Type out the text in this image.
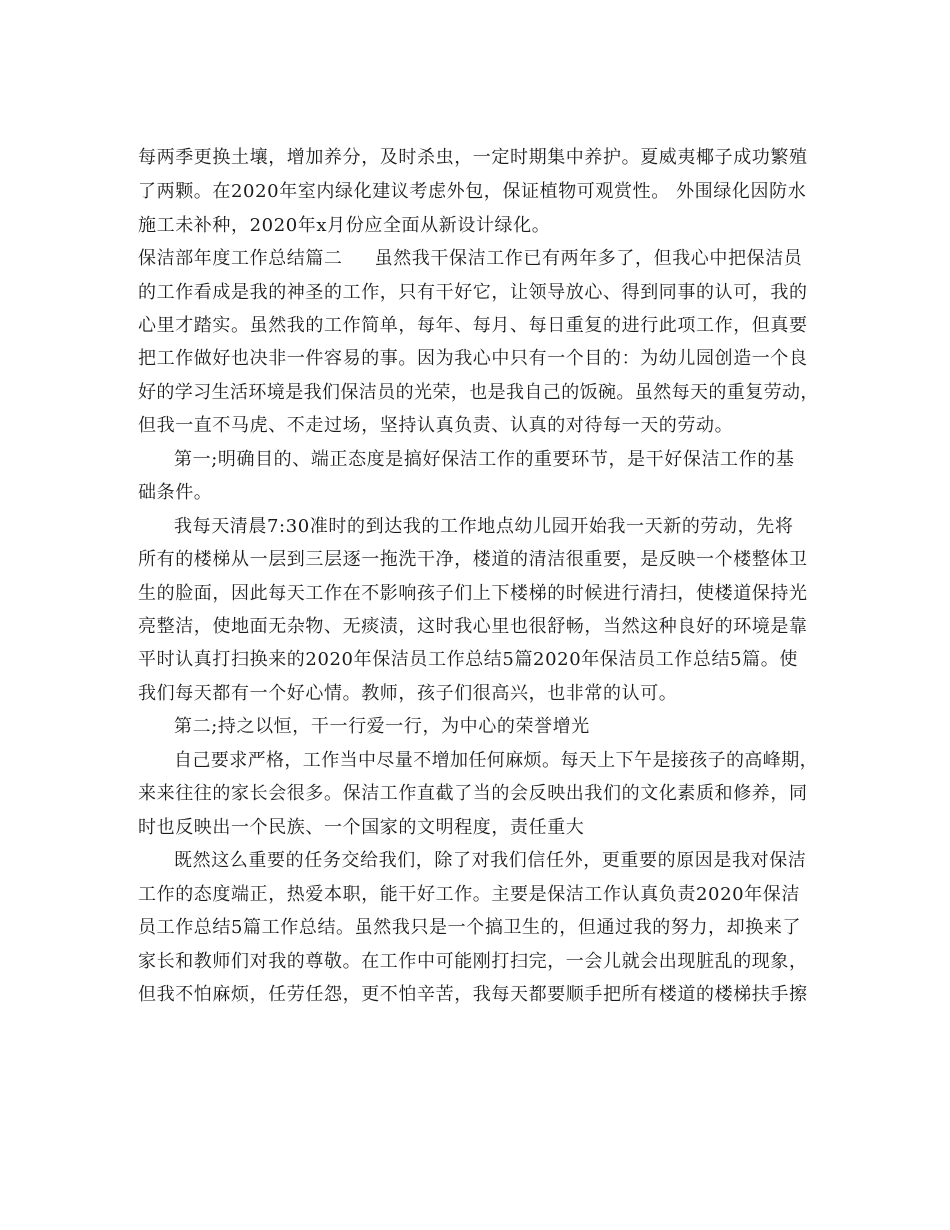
每两季更换土壤，增加养分，及时杀虫，一定时期集中养护。夏威夷椰子成功繁殖
了两颗。在2020年室内绿化建议考虑外包，保证植物可观赏性。 外围绿化因防水
施工未补种，2020年x月份应全面从新设计绿化。
保洁部年度工作总结篇二 虽然我干保洁工作已有两年多了，但我心中把保洁员
的工作看成是我的神圣的工作，只有干好它，让领导放心、得到同事的认可，我的
心里才踏实。虽然我的工作简单，每年、每月、每日重复的进行此项工作，但真要
把工作做好也决非一件容易的事。因为我心中只有一个目的：为幼儿园创造一个良
好的学习生活环境是我们保洁员的光荣，也是我自己的饭碗。虽然每天的重复劳动，
但我一直不马虎、不走过场，坚持认真负责、认真的对待每一天的劳动。
第一;明确目的、端正态度是搞好保洁工作的重要环节，是干好保洁工作的基
础条件。
我每天清晨7:30准时的到达我的工作地点幼儿园开始我一天新的劳动，先将
所有的楼梯从一层到三层逐一拖洗干净，楼道的清洁很重要，是反映一个楼整体卫
生的脸面，因此每天工作在不影响孩子们上下楼梯的时候进行清扫，使楼道保持光
亮整洁，使地面无杂物、无痰渍，这时我心里也很舒畅，当然这种良好的环境是靠
平时认真打扫换来的2020年保洁员工作总结5篇2020年保洁员工作总结5篇。使
我们每天都有一个好心情。教师，孩子们很高兴，也非常的认可。
第二;持之以恒，干一行爱一行，为中心的荣誉增光
自己要求严格，工作当中尽量不增加任何麻烦。每天上下午是接孩子的高峰期，
来来往往的家长会很多。保洁工作直截了当的会反映出我们的文化素质和修养，同
时也反映出一个民族、一个国家的文明程度，责任重大
既然这么重要的任务交给我们，除了对我们信任外，更重要的原因是我对保洁
工作的态度端正，热爱本职，能干好工作。主要是保洁工作认真负责2020年保洁
员工作总结5篇工作总结。虽然我只是一个搞卫生的，但通过我的努力，却换来了
家长和教师们对我的尊敬。在工作中可能刚打扫完，一会儿就会出现脏乱的现象，
但我不怕麻烦，任劳任怨，更不怕辛苦，我每天都要顺手把所有楼道的楼梯扶手擦
